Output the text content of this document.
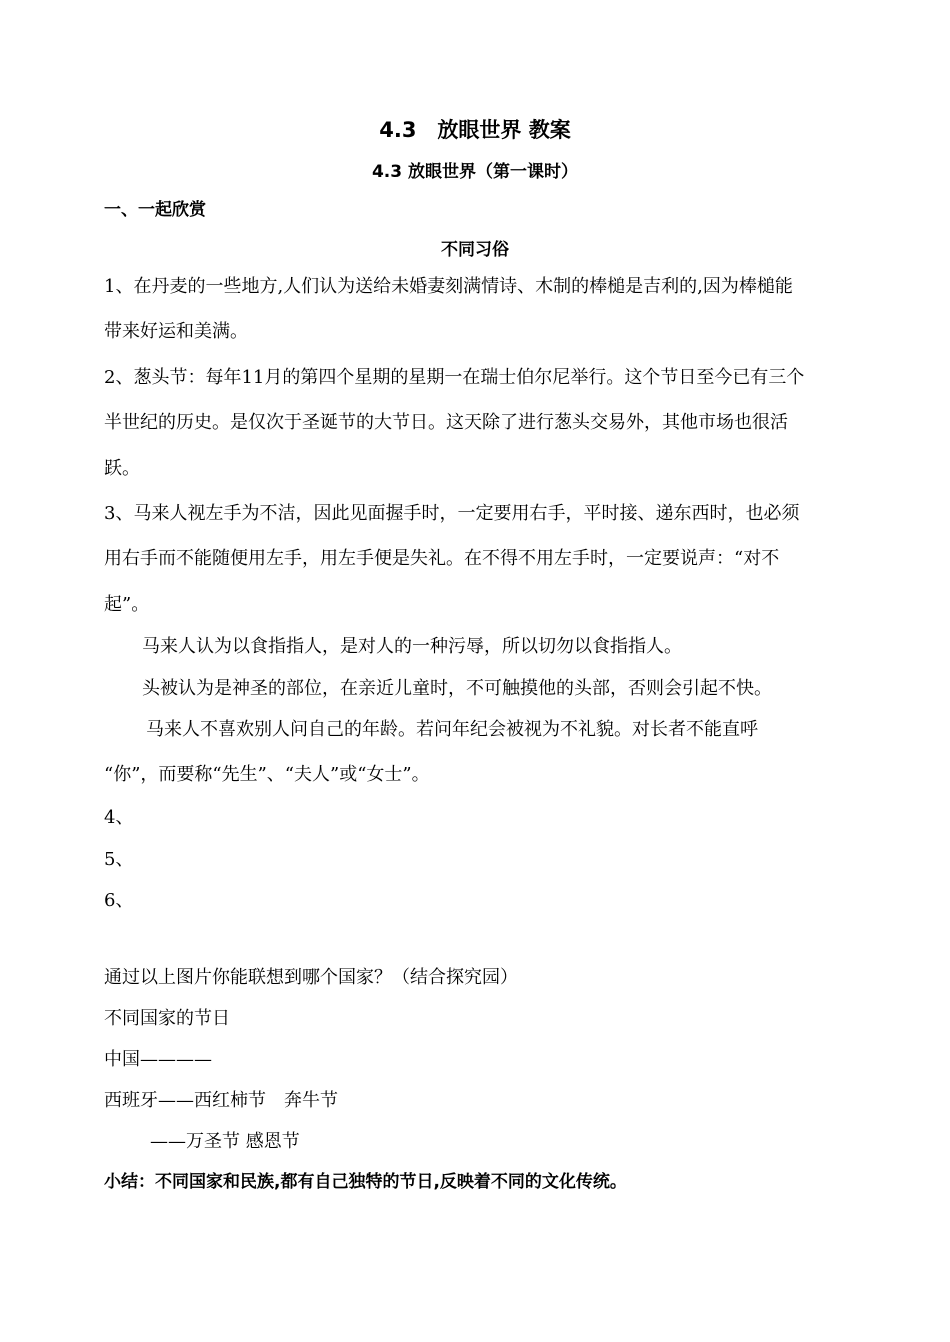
4.3　放眼世界 教案
4.3 放眼世界（第一课时）
一、一起欣赏
不同习俗
1、在丹麦的一些地方,人们认为送给未婚妻刻满情诗、木制的棒槌是吉利的,因为棒槌能
带来好运和美满。
2、葱头节：每年11月的第四个星期的星期一在瑞士伯尔尼举行。这个节日至今已有三个
半世纪的历史。是仅次于圣诞节的大节日。这天除了进行葱头交易外，其他市场也很活
跃。
3、马来人视左手为不洁，因此见面握手时，一定要用右手，平时接、递东西时，也必须
用右手而不能随便用左手，用左手便是失礼。在不得不用左手时，一定要说声：“对不
起”。
马来人认为以食指指人，是对人的一种污辱，所以切勿以食指指人。
头被认为是神圣的部位，在亲近儿童时，不可触摸他的头部，否则会引起不快。
马来人不喜欢别人问自己的年龄。若问年纪会被视为不礼貌。对长者不能直呼
“你”，而要称“先生”、“夫人”或“女士”。
4、
5、
6、
通过以上图片你能联想到哪个国家？（结合探究园）
不同国家的节日
中国————
西班牙——西红柿节　奔牛节
——万圣节 感恩节
小结：不同国家和民族,都有自己独特的节日,反映着不同的文化传统。
